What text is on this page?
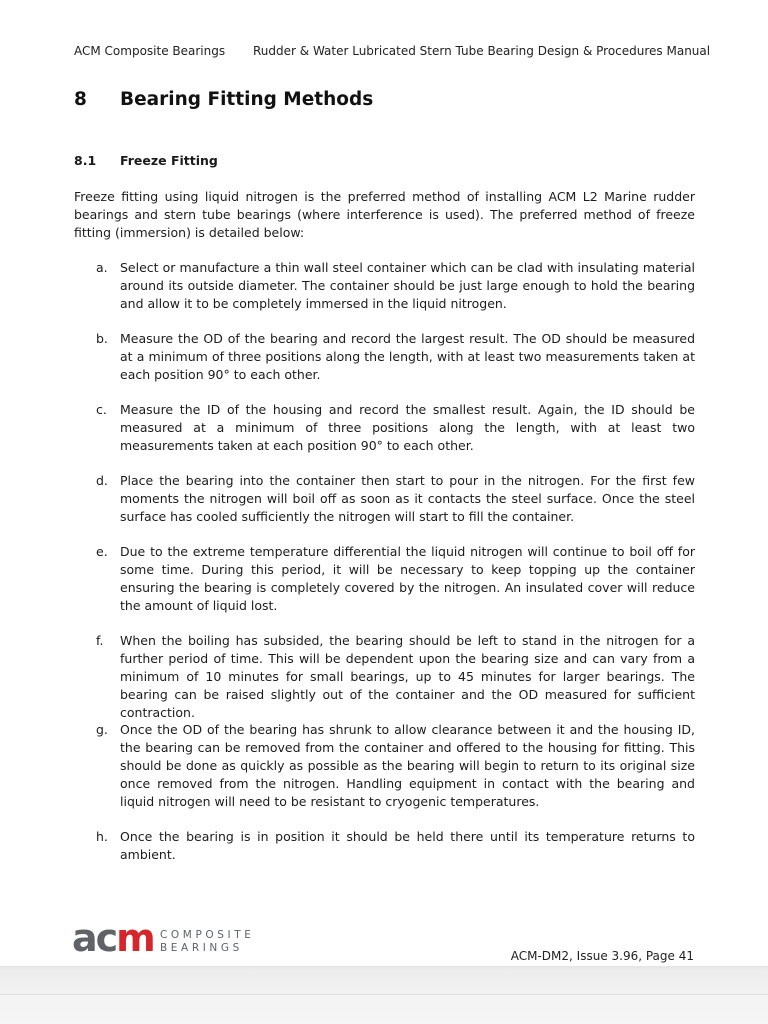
ACM Composite Bearings Rudder & Water Lubricated Stern Tube Bearing Design & Procedures Manual
8 Bearing Fitting Methods
8.1 Freeze Fitting

Freeze fitting using liquid nitrogen is the preferred method of installing ACM L2 Marine rudder bearings and stern tube bearings (where interference is used). The preferred method of freeze fitting (immersion) is detailed below:

a. Select or manufacture a thin wall steel container which can be clad with insulating material around its outside diameter. The container should be just large enough to hold the bearing and allow it to be completely immersed in the liquid nitrogen.

b. Measure the OD of the bearing and record the largest result. The OD should be measured at a minimum of three positions along the length, with at least two measurements taken at each position 90° to each other.

c. Measure the ID of the housing and record the smallest result. Again, the ID should be measured at a minimum of three positions along the length, with at least two measurements taken at each position 90° to each other.

d. Place the bearing into the container then start to pour in the nitrogen. For the first few moments the nitrogen will boil off as soon as it contacts the steel surface. Once the steel surface has cooled sufficiently the nitrogen will start to fill the container.

e. Due to the extreme temperature differential the liquid nitrogen will continue to boil off for some time. During this period, it will be necessary to keep topping up the container ensuring the bearing is completely covered by the nitrogen. An insulated cover will reduce the amount of liquid lost.

f. When the boiling has subsided, the bearing should be left to stand in the nitrogen for a further period of time. This will be dependent upon the bearing size and can vary from a minimum of 10 minutes for small bearings, up to 45 minutes for larger bearings. The bearing can be raised slightly out of the container and the OD measured for sufficient contraction.

g. Once the OD of the bearing has shrunk to allow clearance between it and the housing ID, the bearing can be removed from the container and offered to the housing for fitting. This should be done as quickly as possible as the bearing will begin to return to its original size once removed from the nitrogen. Handling equipment in contact with the bearing and liquid nitrogen will need to be resistant to cryogenic temperatures.

h. Once the bearing is in position it should be held there until its temperature returns to ambient.

acm COMPOSITE
BEARINGS
ACM-DM2, Issue 3.96, Page 41
